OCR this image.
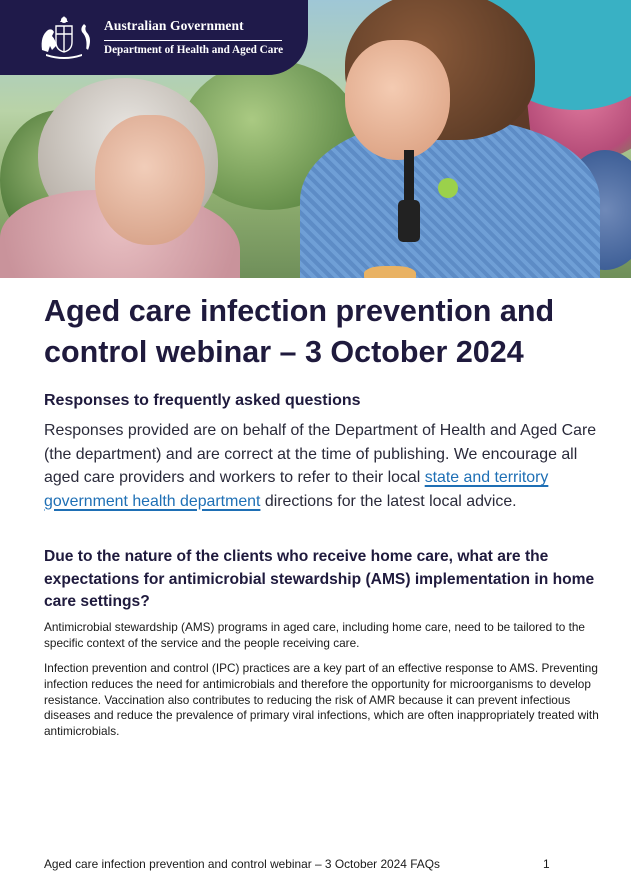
Australian Government
Department of Health and Aged Care
Aged care infection prevention and control webinar – 3 October 2024
Responses to frequently asked questions

Responses provided are on behalf of the Department of Health and Aged Care (the department) and are correct at the time of publishing. We encourage all aged care providers and workers to refer to their local state and territory government health department directions for the latest local advice.

Due to the nature of the clients who receive home care, what are the expectations for antimicrobial stewardship (AMS) implementation in home care settings?

Antimicrobial stewardship (AMS) programs in aged care, including home care, need to be tailored to the specific context of the service and the people receiving care.

Infection prevention and control (IPC) practices are a key part of an effective response to AMS. Preventing infection reduces the need for antimicrobials and therefore the opportunity for microorganisms to develop resistance. Vaccination also contributes to reducing the risk of AMR because it can prevent infectious diseases and reduce the prevalence of primary viral infections, which are often inappropriately treated with antimicrobials.

Aged care infection prevention and control webinar – 3 October 2024 FAQs	1
